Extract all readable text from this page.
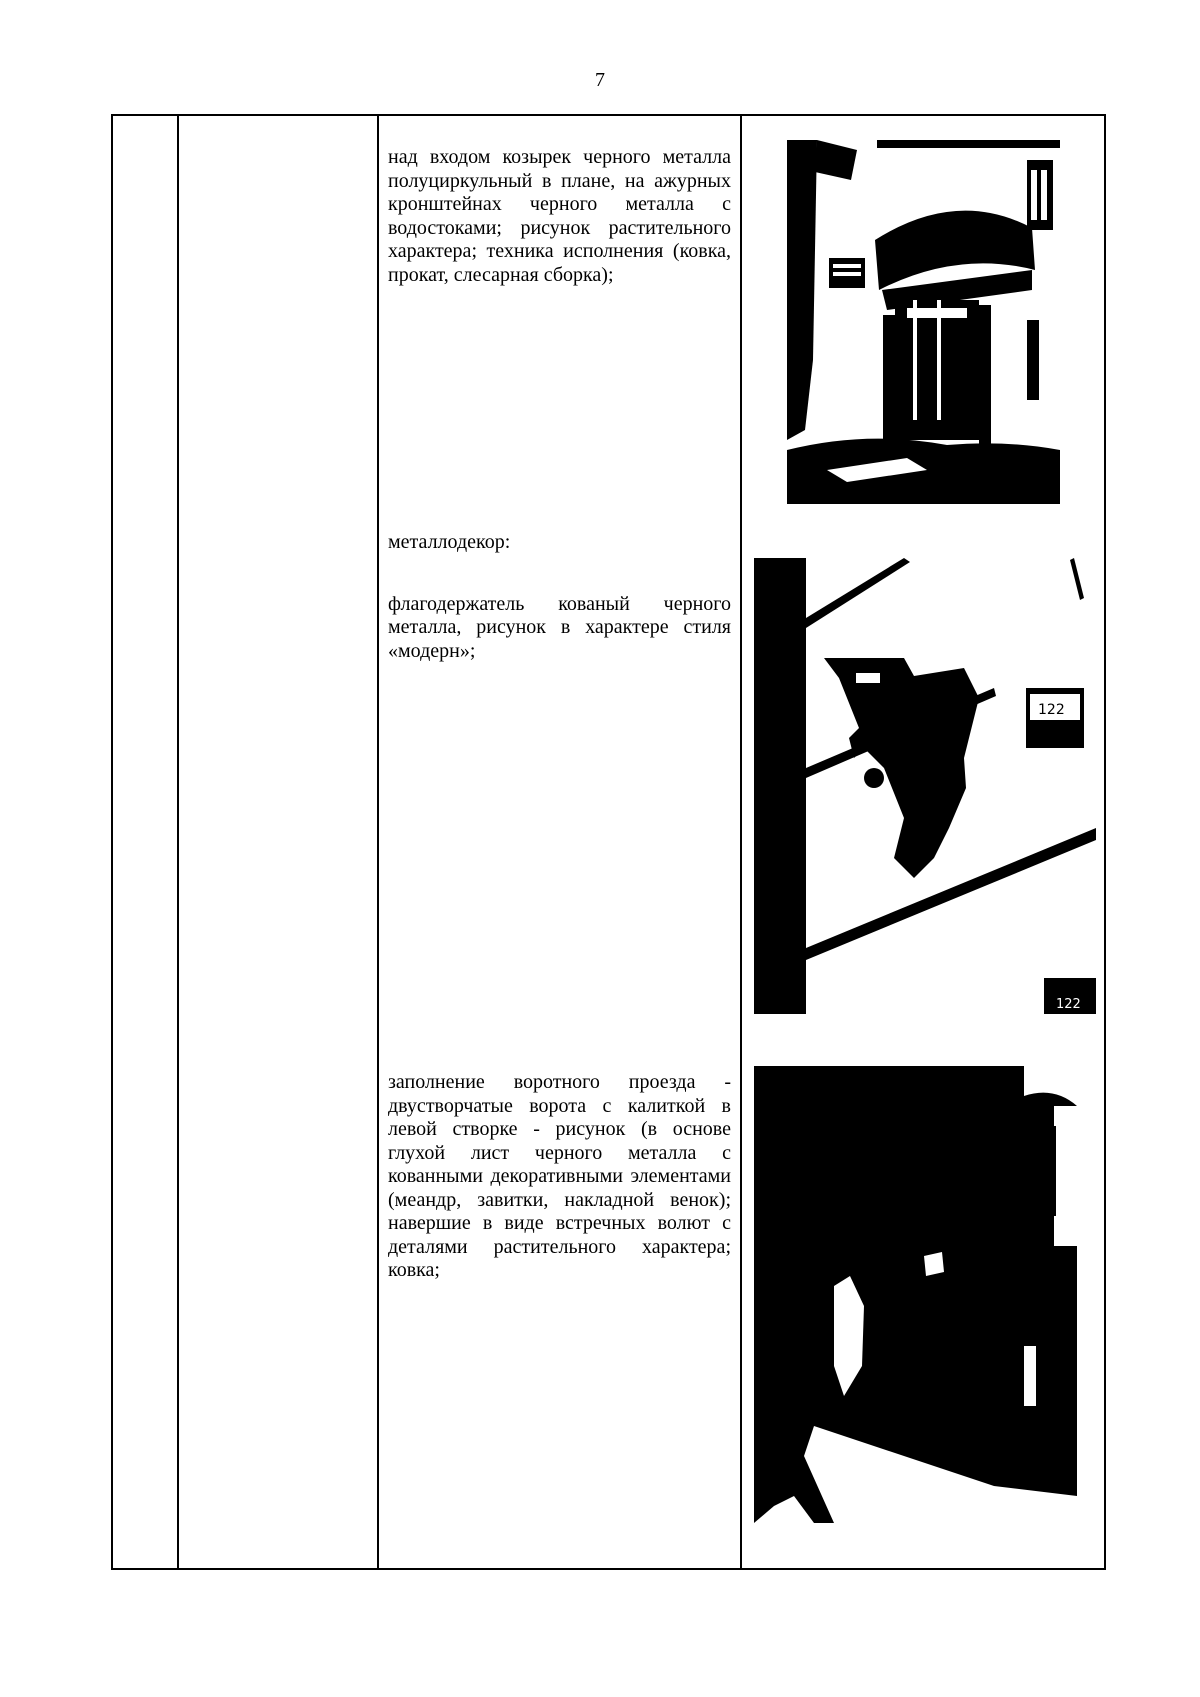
7

над входом козырек черного металла полуциркульный в плане, на ажурных кронштейнах черного металла с водостоками; рисунок растительного характера; техника исполнения (ковка, прокат, слесарная сборка);

металлодекор:

флагодержатель кованый черного металла, рисунок в характере стиля «модерн»;

122
122

заполнение воротного проезда - двустворчатые ворота с калиткой в левой створке - рисунок (в основе глухой лист черного металла с кованными декоративными элементами (меандр, завитки, накладной венок); навершие в виде встречных волют с деталями растительного характера; ковка;
